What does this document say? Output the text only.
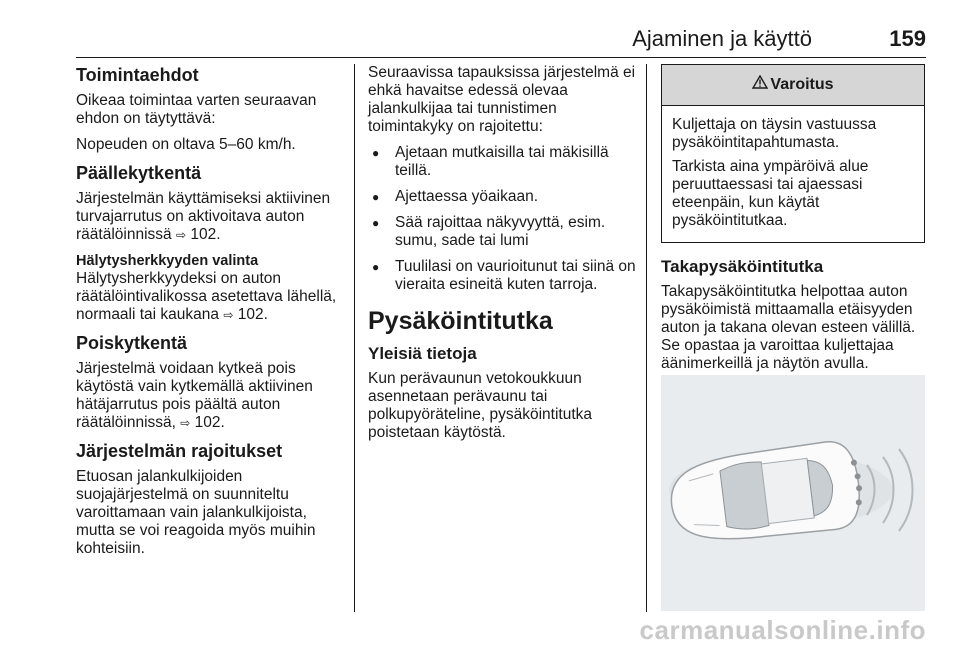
Ajaminen ja käyttö	159
Toimintaehdot

Oikeaa toimintaa varten seuraavan ehdon on täytyttävä:

Nopeuden on oltava 5–60 km/h.

Päällekytkentä

Järjestelmän käyttämiseksi aktiivinen turvajarrutus on aktivoitava auton räätälöinnissä ⇨ 102.

Hälytysherkkyyden valinta

Hälytysherkkyydeksi on auton räätälöintivalikossa asetettava lähellä, normaali tai kaukana ⇨ 102.

Poiskytkentä

Järjestelmä voidaan kytkeä pois käytöstä vain kytkemällä aktiivinen hätäjarrutus pois päältä auton räätälöinnissä, ⇨ 102.

Järjestelmän rajoitukset

Etuosan jalankulkijoiden suojajärjestelmä on suunniteltu varoittamaan vain jalankulkijoista, mutta se voi reagoida myös muihin kohteisiin.

Seuraavissa tapauksissa järjestelmä ei ehkä havaitse edessä olevaa jalankulkijaa tai tunnistimen toimintakyky on rajoitettu:

● Ajetaan mutkaisilla tai mäkisillä teillä.
● Ajettaessa yöaikaan.
● Sää rajoittaa näkyvyyttä, esim. sumu, sade tai lumi
● Tuulilasi on vaurioitunut tai siinä on vieraita esineitä kuten tarroja.
Pysäköintitutka
Yleisiä tietoja

Kun perävaunun vetokoukkuun asennetaan perävaunu tai polkupyöräteline, pysäköintitutka poistetaan käytöstä.

Varoitus

Kuljettaja on täysin vastuussa pysäköintitapahtumasta.

Tarkista aina ympäröivä alue peruuttaessasi tai ajaessasi eteenpäin, kun käytät pysäköintitutkaa.

Takapysäköintitutka

Takapysäköintitutka helpottaa auton pysäköimistä mittaamalla etäisyyden auton ja takana olevan esteen välillä. Se opastaa ja varoittaa kuljettajaa äänimerkeillä ja näytön avulla.

carmanualsonline.info
